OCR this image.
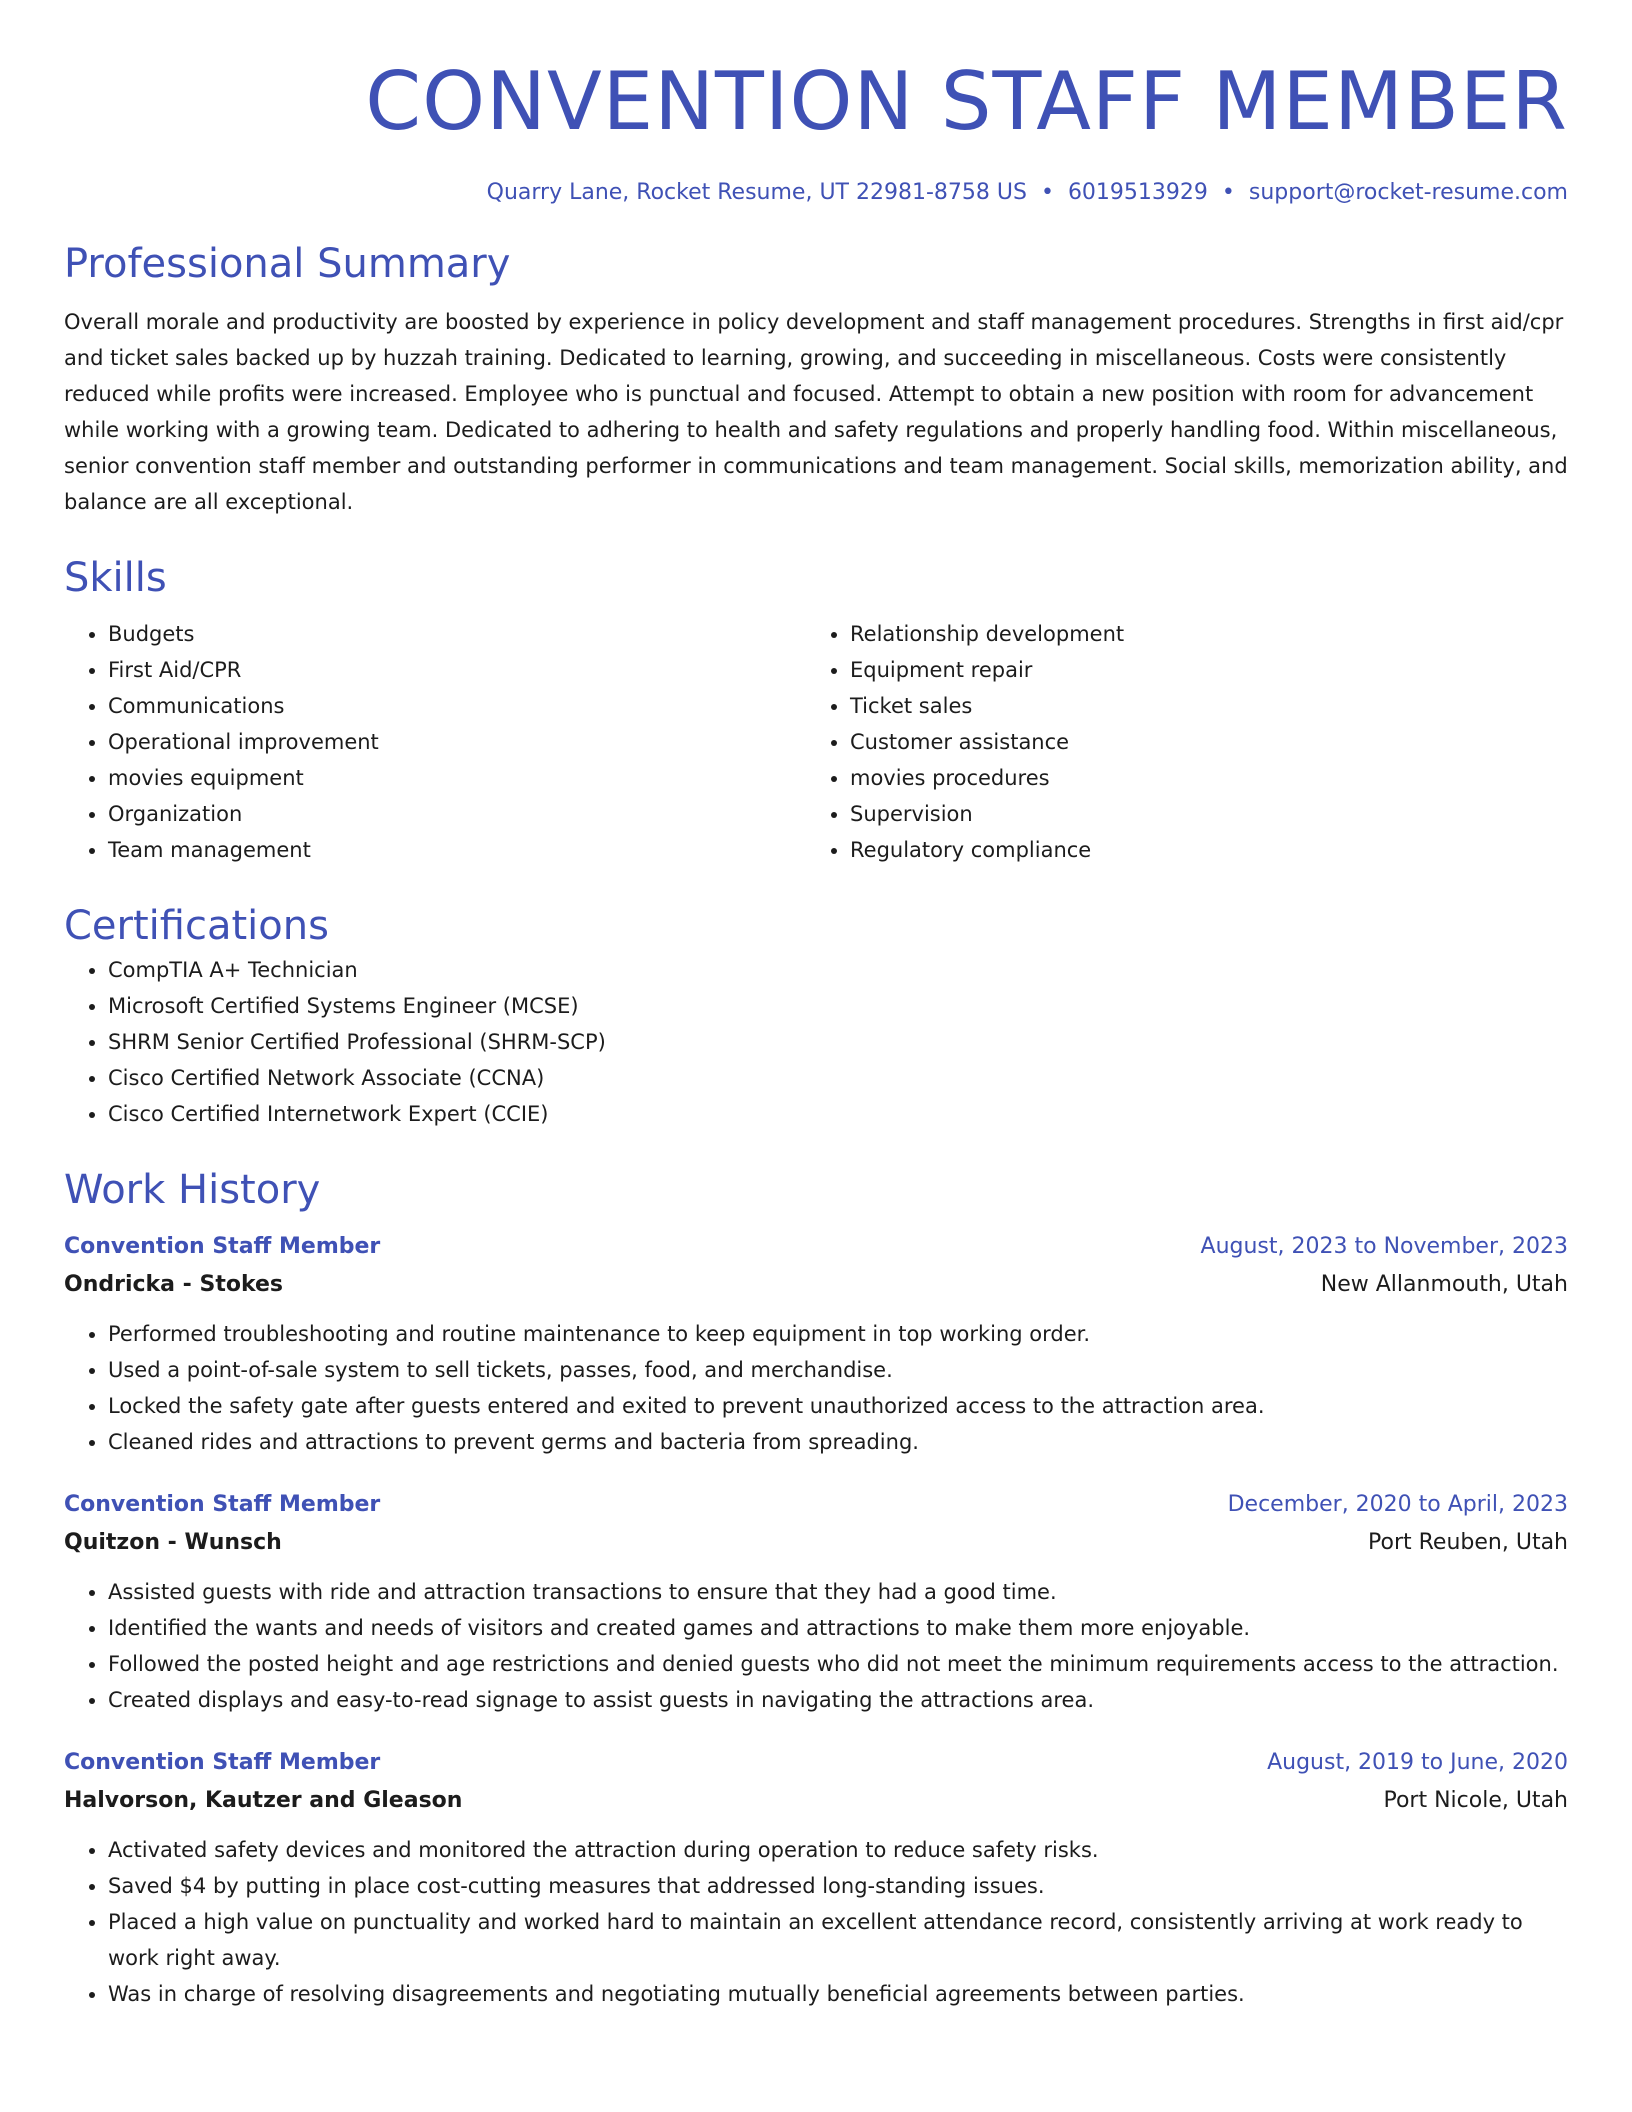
CONVENTION STAFF MEMBER
Quarry Lane, Rocket Resume, UT 22981-8758 US • 6019513929 • support@rocket-resume.com
Professional Summary

Overall morale and productivity are boosted by experience in policy development and staff management procedures. Strengths in first aid/cpr and ticket sales backed up by huzzah training. Dedicated to learning, growing, and succeeding in miscellaneous. Costs were consistently reduced while profits were increased. Employee who is punctual and focused. Attempt to obtain a new position with room for advancement while working with a growing team. Dedicated to adhering to health and safety regulations and properly handling food. Within miscellaneous, senior convention staff member and outstanding performer in communications and team management. Social skills, memorization ability, and balance are all exceptional.

Skills
• Budgets
• First Aid/CPR
• Communications
• Operational improvement
• movies equipment
• Organization
• Team management
• Relationship development
• Equipment repair
• Ticket sales
• Customer assistance
• movies procedures
• Supervision
• Regulatory compliance
Certifications
• CompTIA A+ Technician
• Microsoft Certified Systems Engineer (MCSE)
• SHRM Senior Certified Professional (SHRM-SCP)
• Cisco Certified Network Associate (CCNA)
• Cisco Certified Internetwork Expert (CCIE)
Work History
Convention Staff Member	August, 2023 to November, 2023
Ondricka - Stokes	New Allanmouth, Utah
• Performed troubleshooting and routine maintenance to keep equipment in top working order.
• Used a point-of-sale system to sell tickets, passes, food, and merchandise.
• Locked the safety gate after guests entered and exited to prevent unauthorized access to the attraction area.
• Cleaned rides and attractions to prevent germs and bacteria from spreading.
Convention Staff Member	December, 2020 to April, 2023
Quitzon - Wunsch	Port Reuben, Utah
• Assisted guests with ride and attraction transactions to ensure that they had a good time.
• Identified the wants and needs of visitors and created games and attractions to make them more enjoyable.
• Followed the posted height and age restrictions and denied guests who did not meet the minimum requirements access to the attraction.
• Created displays and easy-to-read signage to assist guests in navigating the attractions area.
Convention Staff Member	August, 2019 to June, 2020
Halvorson, Kautzer and Gleason	Port Nicole, Utah
• Activated safety devices and monitored the attraction during operation to reduce safety risks.
• Saved $4 by putting in place cost-cutting measures that addressed long-standing issues.
• Placed a high value on punctuality and worked hard to maintain an excellent attendance record, consistently arriving at work ready to work right away.
• Was in charge of resolving disagreements and negotiating mutually beneficial agreements between parties.
